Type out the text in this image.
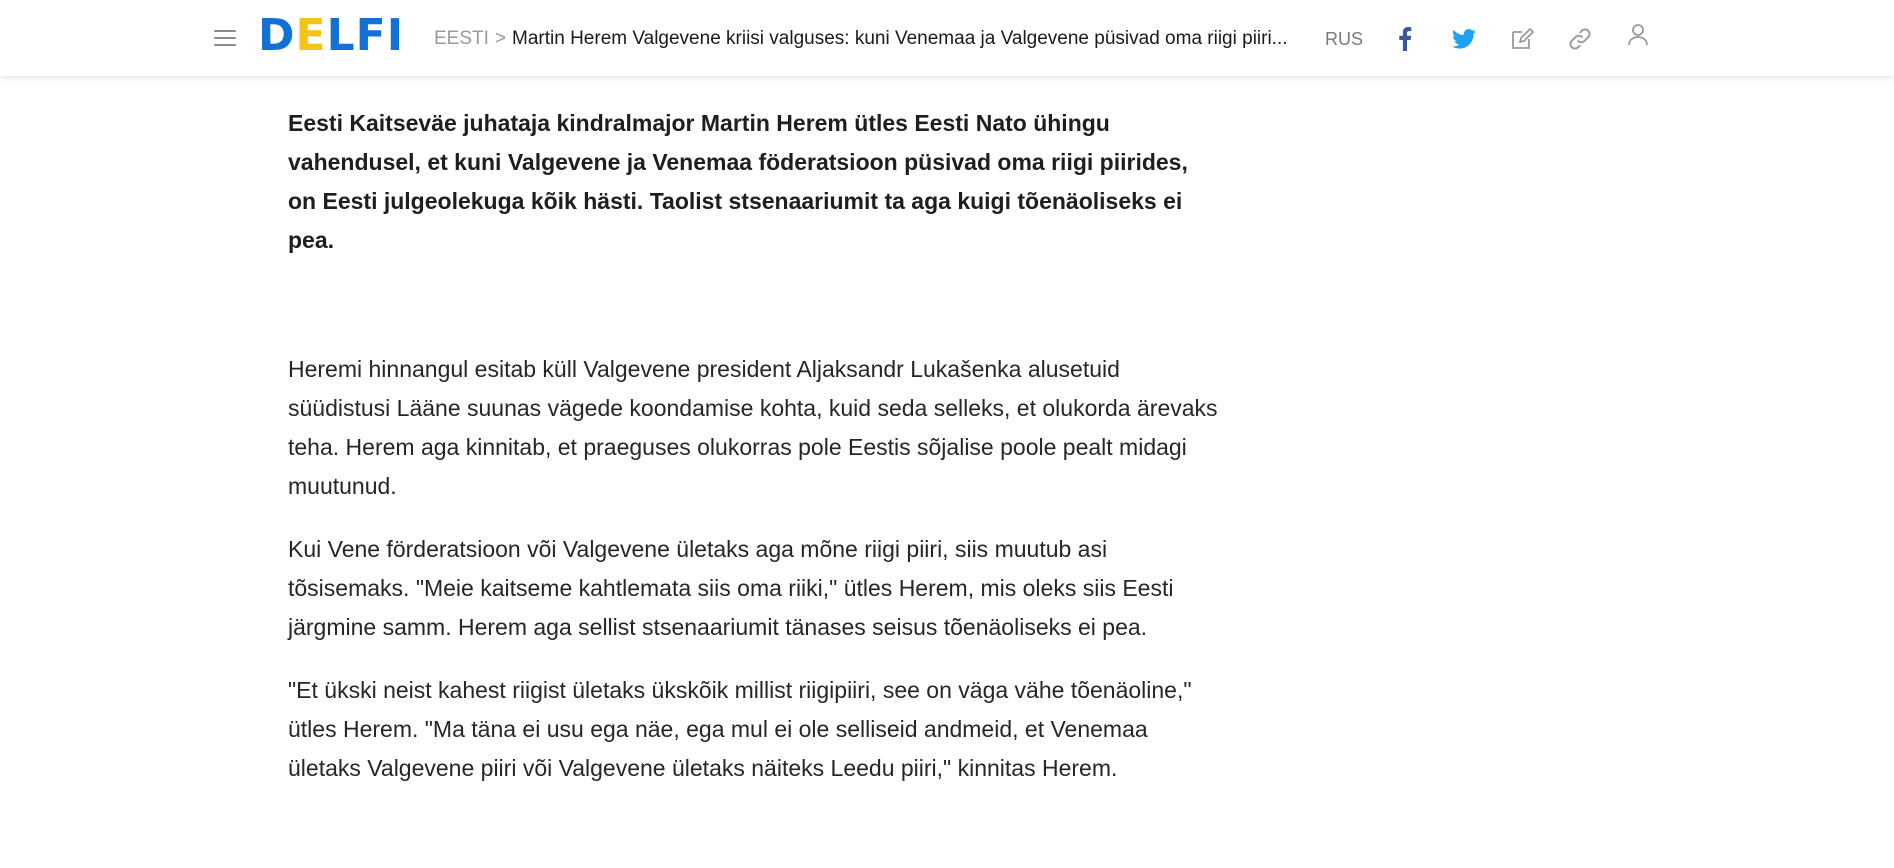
DELFI EESTI > Martin Herem Valgevene kriisi valguses: kuni Venemaa ja Valgevene püsivad oma riigi piiri...	RUS

Eesti Kaitseväe juhataja kindralmajor Martin Herem ütles Eesti Nato ühingu vahendusel, et kuni Valgevene ja Venemaa föderatsioon püsivad oma riigi piirides, on Eesti julgeolekuga kõik hästi. Taolist stsenaariumit ta aga kuigi tõenäoliseks ei pea.

Heremi hinnangul esitab küll Valgevene president Aljaksandr Lukašenka alusetuid süüdistusi Lääne suunas vägede koondamise kohta, kuid seda selleks, et olukorda ärevaks teha. Herem aga kinnitab, et praeguses olukorras pole Eestis sõjalise poole pealt midagi muutunud.

Kui Vene förderatsioon või Valgevene ületaks aga mõne riigi piiri, siis muutub asi tõsisemaks. "Meie kaitseme kahtlemata siis oma riiki," ütles Herem, mis oleks siis Eesti järgmine samm. Herem aga sellist stsenaariumit tänases seisus tõenäoliseks ei pea.

"Et ükski neist kahest riigist ületaks ükskõik millist riigipiiri, see on väga vähe tõenäoline," ütles Herem. "Ma täna ei usu ega näe, ega mul ei ole selliseid andmeid, et Venemaa ületaks Valgevene piiri või Valgevene ületaks näiteks Leedu piiri," kinnitas Herem.
